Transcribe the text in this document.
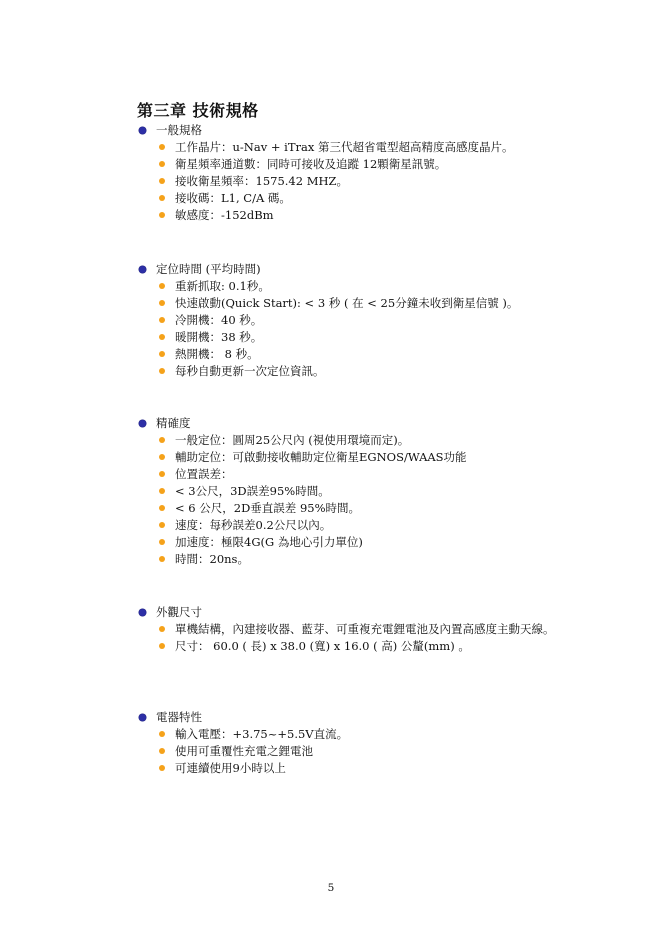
第三章 技術規格
一般規格
工作晶片：u-Nav + iTrax 第三代超省電型超高精度高感度晶片。
衛星頻率通道數：同時可接收及追蹤 12顆衛星訊號。
接收衛星頻率：1575.42 MHZ。
接收碼：L1, C/A 碼。
敏感度：-152dBm
定位時間 (平均時間)
重新抓取: 0.1秒。
快速啟動(Quick Start): < 3 秒 ( 在 < 25分鐘未收到衛星信號 )。
冷開機：40 秒。
暖開機：38 秒。
熱開機： 8 秒。
每秒自動更新一次定位資訊。
精確度
一般定位：圓周25公尺內 (視使用環境而定)。
輔助定位：可啟動接收輔助定位衛星EGNOS/WAAS功能
位置誤差：
< 3公尺，3D誤差95%時間。
< 6 公尺，2D垂直誤差 95%時間。
速度：每秒誤差0.2公尺以內。
加速度：極限4G(G 為地心引力單位)
時間：20ns。
外觀尺寸
單機結構，內建接收器、藍芽、可重複充電鋰電池及內置高感度主動天線。
尺寸： 60.0 ( 長) x 38.0 (寬) x 16.0 ( 高) 公釐(mm) 。
電器特性
輸入電壓：+3.75~+5.5V直流。
使用可重覆性充電之鋰電池
可連續使用9小時以上
5
